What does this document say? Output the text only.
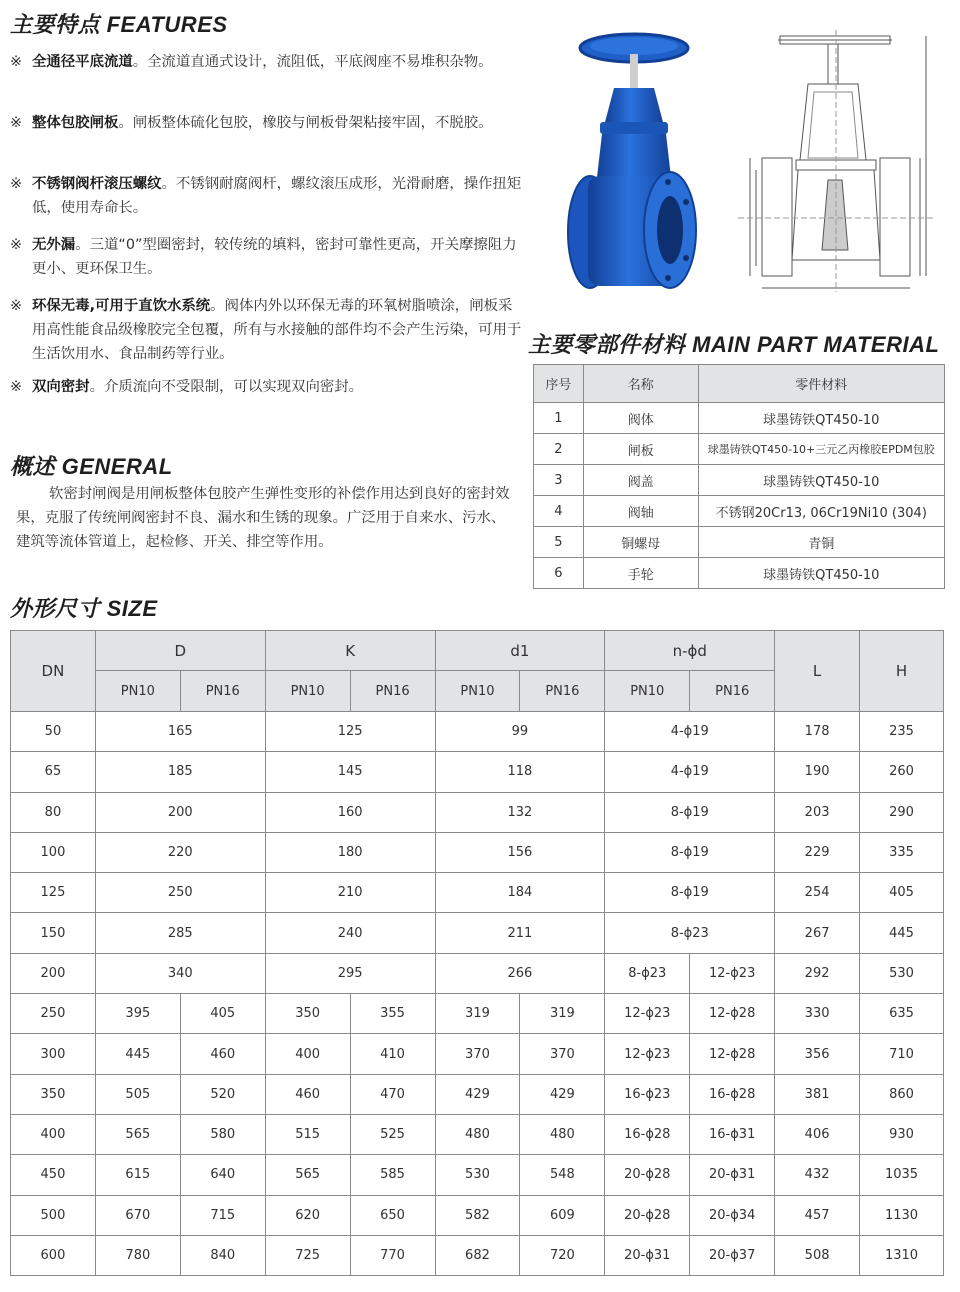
主要特点 FEATURES
※ 全通径平底流道。全流道直通式设计，流阻低，平底阀座不易堆积杂物。
※ 整体包胶闸板。闸板整体硫化包胶，橡胶与闸板骨架粘接牢固，不脱胶。
※ 不锈钢阀杆滚压螺纹。不锈钢耐腐阀杆，螺纹滚压成形，光滑耐磨，操作扭矩低，使用寿命长。
※ 无外漏。三道“0”型圈密封，较传统的填料，密封可靠性更高，开关摩擦阻力更小、更环保卫生。
※ 环保无毒,可用于直饮水系统。阀体内外以环保无毒的环氧树脂喷涂，闸板采用高性能食品级橡胶完全包覆，所有与水接触的部件均不会产生污染，可用于生活饮用水、食品制药等行业。
※ 双向密封。介质流向不受限制，可以实现双向密封。
概述 GENERAL

软密封闸阀是用闸板整体包胶产生弹性变形的补偿作用达到良好的密封效果，克服了传统闸阀密封不良、漏水和生锈的现象。广泛用于自来水、污水、建筑等流体管道上，起检修、开关、排空等作用。

主要零部件材料 MAIN PART MATERIAL
序号	名称	零件材料
1	阀体	球墨铸铁QT450-10
2	闸板	球墨铸铁QT450-10+三元乙丙橡胶EPDM包胶
3	阀盖	球墨铸铁QT450-10
4	阀轴	不锈钢20Cr13, 06Cr19Ni10 (304)
5	铜螺母	青铜
6	手轮	球墨铸铁QT450-10
外形尺寸 SIZE
DN	D		K		d1		n-ϕd		L	H
	PN10	PN16	PN10	PN16	PN10	PN16	PN10	PN16		
50	165		125		99		4-ϕ19		178	235
65	185		145		118		4-ϕ19		190	260
80	200		160		132		8-ϕ19		203	290
100	220		180		156		8-ϕ19		229	335
125	250		210		184		8-ϕ19		254	405
150	285		240		211		8-ϕ23		267	445
200	340		295		266		8-ϕ23	12-ϕ23	292	530
250	395	405	350	355	319	319	12-ϕ23	12-ϕ28	330	635
300	445	460	400	410	370	370	12-ϕ23	12-ϕ28	356	710
350	505	520	460	470	429	429	16-ϕ23	16-ϕ28	381	860
400	565	580	515	525	480	480	16-ϕ28	16-ϕ31	406	930
450	615	640	565	585	530	548	20-ϕ28	20-ϕ31	432	1035
500	670	715	620	650	582	609	20-ϕ28	20-ϕ34	457	1130
600	780	840	725	770	682	720	20-ϕ31	20-ϕ37	508	1310
